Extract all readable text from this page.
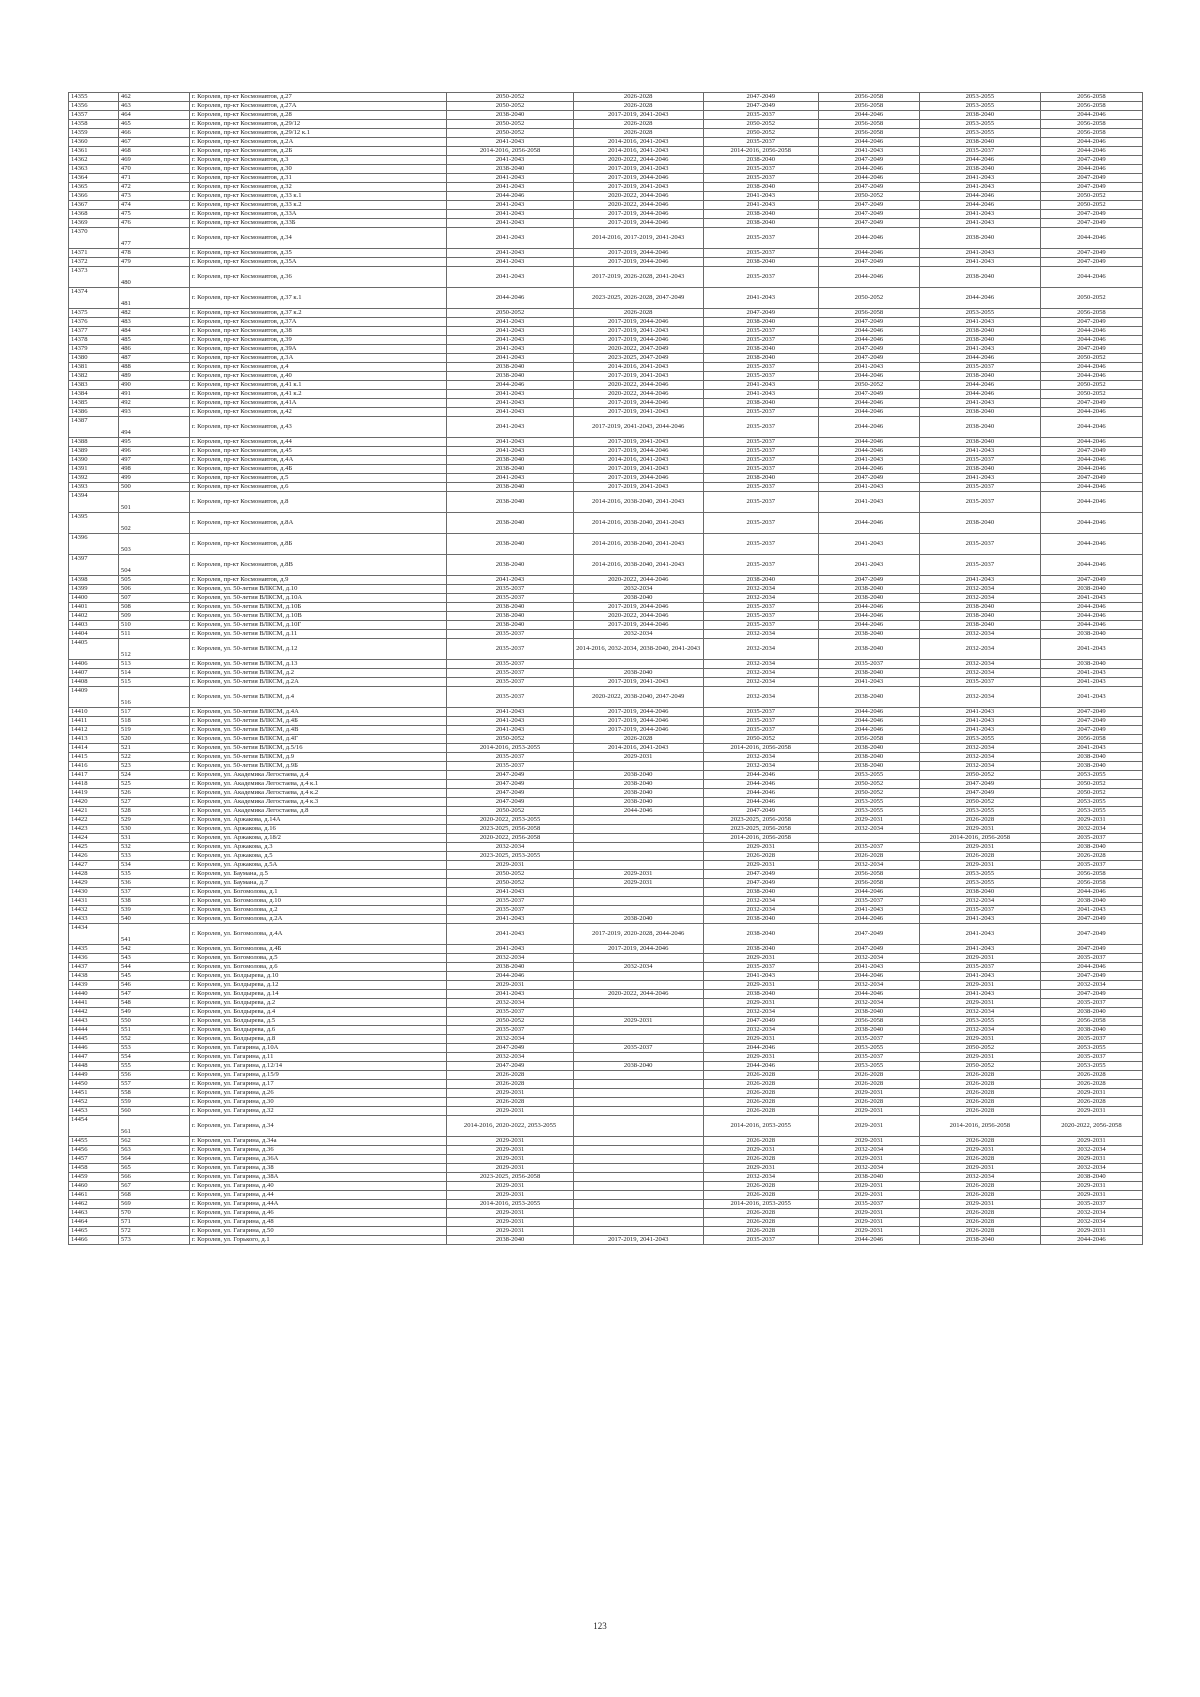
14355	462	г. Королев, пр-кт Космонавтов, д.27	2050-2052	2026-2028	2047-2049	2056-2058	2053-2055	2056-2058
14356	463	г. Королев, пр-кт Космонавтов, д.27А	2050-2052	2026-2028	2047-2049	2056-2058	2053-2055	2056-2058
14357	464	г. Королев, пр-кт Космонавтов, д.28	2038-2040	2017-2019, 2041-2043	2035-2037	2044-2046	2038-2040	2044-2046
14358	465	г. Королев, пр-кт Космонавтов, д.29/12	2050-2052	2026-2028	2050-2052	2056-2058	2053-2055	2056-2058
14359	466	г. Королев, пр-кт Космонавтов, д.29/12 к.1	2050-2052	2026-2028	2050-2052	2056-2058	2053-2055	2056-2058
14360	467	г. Королев, пр-кт Космонавтов, д.2А	2041-2043	2014-2016, 2041-2043	2035-2037	2044-2046	2038-2040	2044-2046
14361	468	г. Королев, пр-кт Космонавтов, д.2Б	2014-2016, 2056-2058	2014-2016, 2041-2043	2014-2016, 2056-2058	2041-2043	2035-2037	2044-2046
14362	469	г. Королев, пр-кт Космонавтов, д.3	2041-2043	2020-2022, 2044-2046	2038-2040	2047-2049	2044-2046	2047-2049
14363	470	г. Королев, пр-кт Космонавтов, д.30	2038-2040	2017-2019, 2041-2043	2035-2037	2044-2046	2038-2040	2044-2046
14364	471	г. Королев, пр-кт Космонавтов, д.31	2041-2043	2017-2019, 2044-2046	2035-2037	2044-2046	2041-2043	2047-2049
14365	472	г. Королев, пр-кт Космонавтов, д.32	2041-2043	2017-2019, 2041-2043	2038-2040	2047-2049	2041-2043	2047-2049
14366	473	г. Королев, пр-кт Космонавтов, д.33 к.1	2044-2046	2020-2022, 2044-2046	2041-2043	2050-2052	2044-2046	2050-2052
14367	474	г. Королев, пр-кт Космонавтов, д.33 к.2	2041-2043	2020-2022, 2044-2046	2041-2043	2047-2049	2044-2046	2050-2052
14368	475	г. Королев, пр-кт Космонавтов, д.33А	2041-2043	2017-2019, 2044-2046	2038-2040	2047-2049	2041-2043	2047-2049
14369	476	г. Королев, пр-кт Космонавтов, д.33Б	2041-2043	2017-2019, 2044-2046	2038-2040	2047-2049	2041-2043	2047-2049
14370	477	г. Королев, пр-кт Космонавтов, д.34	2041-2043	2014-2016, 2017-2019, 2041-2043	2035-2037	2044-2046	2038-2040	2044-2046
14371	478	г. Королев, пр-кт Космонавтов, д.35	2041-2043	2017-2019, 2044-2046	2035-2037	2044-2046	2041-2043	2047-2049
14372	479	г. Королев, пр-кт Космонавтов, д.35А	2041-2043	2017-2019, 2044-2046	2038-2040	2047-2049	2041-2043	2047-2049
14373	480	г. Королев, пр-кт Космонавтов, д.36	2041-2043	2017-2019, 2026-2028, 2041-2043	2035-2037	2044-2046	2038-2040	2044-2046
14374	481	г. Королев, пр-кт Космонавтов, д.37 к.1	2044-2046	2023-2025, 2026-2028, 2047-2049	2041-2043	2050-2052	2044-2046	2050-2052
14375	482	г. Королев, пр-кт Космонавтов, д.37 к.2	2050-2052	2026-2028	2047-2049	2056-2058	2053-2055	2056-2058
14376	483	г. Королев, пр-кт Космонавтов, д.37А	2041-2043	2017-2019, 2044-2046	2038-2040	2047-2049	2041-2043	2047-2049
14377	484	г. Королев, пр-кт Космонавтов, д.38	2041-2043	2017-2019, 2041-2043	2035-2037	2044-2046	2038-2040	2044-2046
14378	485	г. Королев, пр-кт Космонавтов, д.39	2041-2043	2017-2019, 2044-2046	2035-2037	2044-2046	2038-2040	2044-2046
14379	486	г. Королев, пр-кт Космонавтов, д.39А	2041-2043	2020-2022, 2047-2049	2038-2040	2047-2049	2041-2043	2047-2049
14380	487	г. Королев, пр-кт Космонавтов, д.3А	2041-2043	2023-2025, 2047-2049	2038-2040	2047-2049	2044-2046	2050-2052
14381	488	г. Королев, пр-кт Космонавтов, д.4	2038-2040	2014-2016, 2041-2043	2035-2037	2041-2043	2035-2037	2044-2046
14382	489	г. Королев, пр-кт Космонавтов, д.40	2038-2040	2017-2019, 2041-2043	2035-2037	2044-2046	2038-2040	2044-2046
14383	490	г. Королев, пр-кт Космонавтов, д.41 к.1	2044-2046	2020-2022, 2044-2046	2041-2043	2050-2052	2044-2046	2050-2052
14384	491	г. Королев, пр-кт Космонавтов, д.41 к.2	2041-2043	2020-2022, 2044-2046	2041-2043	2047-2049	2044-2046	2050-2052
14385	492	г. Королев, пр-кт Космонавтов, д.41А	2041-2043	2017-2019, 2044-2046	2038-2040	2044-2046	2041-2043	2047-2049
14386	493	г. Королев, пр-кт Космонавтов, д.42	2041-2043	2017-2019, 2041-2043	2035-2037	2044-2046	2038-2040	2044-2046
14387	494	г. Королев, пр-кт Космонавтов, д.43	2041-2043	2017-2019, 2041-2043, 2044-2046	2035-2037	2044-2046	2038-2040	2044-2046
14388	495	г. Королев, пр-кт Космонавтов, д.44	2041-2043	2017-2019, 2041-2043	2035-2037	2044-2046	2038-2040	2044-2046
14389	496	г. Королев, пр-кт Космонавтов, д.45	2041-2043	2017-2019, 2044-2046	2035-2037	2044-2046	2041-2043	2047-2049
14390	497	г. Королев, пр-кт Космонавтов, д.4А	2038-2040	2014-2016, 2041-2043	2035-2037	2041-2043	2035-2037	2044-2046
14391	498	г. Королев, пр-кт Космонавтов, д.4Б	2038-2040	2017-2019, 2041-2043	2035-2037	2044-2046	2038-2040	2044-2046
14392	499	г. Королев, пр-кт Космонавтов, д.5	2041-2043	2017-2019, 2044-2046	2038-2040	2047-2049	2041-2043	2047-2049
14393	500	г. Королев, пр-кт Космонавтов, д.6	2038-2040	2017-2019, 2041-2043	2035-2037	2041-2043	2035-2037	2044-2046
14394	501	г. Королев, пр-кт Космонавтов, д.8	2038-2040	2014-2016, 2038-2040, 2041-2043	2035-2037	2041-2043	2035-2037	2044-2046
14395	502	г. Королев, пр-кт Космонавтов, д.8А	2038-2040	2014-2016, 2038-2040, 2041-2043	2035-2037	2044-2046	2038-2040	2044-2046
14396	503	г. Королев, пр-кт Космонавтов, д.8Б	2038-2040	2014-2016, 2038-2040, 2041-2043	2035-2037	2041-2043	2035-2037	2044-2046
14397	504	г. Королев, пр-кт Космонавтов, д.8В	2038-2040	2014-2016, 2038-2040, 2041-2043	2035-2037	2041-2043	2035-2037	2044-2046
14398	505	г. Королев, пр-кт Космонавтов, д.9	2041-2043	2020-2022, 2044-2046	2038-2040	2047-2049	2041-2043	2047-2049
14399	506	г. Королев, ул. 50-летия ВЛКСМ, д.10	2035-2037	2032-2034	2032-2034	2038-2040	2032-2034	2038-2040
14400	507	г. Королев, ул. 50-летия ВЛКСМ, д.10А	2035-2037	2038-2040	2032-2034	2038-2040	2032-2034	2041-2043
14401	508	г. Королев, ул. 50-летия ВЛКСМ, д.10Б	2038-2040	2017-2019, 2044-2046	2035-2037	2044-2046	2038-2040	2044-2046
14402	509	г. Королев, ул. 50-летия ВЛКСМ, д.10В	2038-2040	2020-2022, 2044-2046	2035-2037	2044-2046	2038-2040	2044-2046
14403	510	г. Королев, ул. 50-летия ВЛКСМ, д.10Г	2038-2040	2017-2019, 2044-2046	2035-2037	2044-2046	2038-2040	2044-2046
14404	511	г. Королев, ул. 50-летия ВЛКСМ, д.11	2035-2037	2032-2034	2032-2034	2038-2040	2032-2034	2038-2040
14405	512	г. Королев, ул. 50-летия ВЛКСМ, д.12	2035-2037	2014-2016, 2032-2034, 2038-2040, 2041-2043	2032-2034	2038-2040	2032-2034	2041-2043
14406	513	г. Королев, ул. 50-летия ВЛКСМ, д.13	2035-2037		2032-2034	2035-2037	2032-2034	2038-2040
14407	514	г. Королев, ул. 50-летия ВЛКСМ, д.2	2035-2037	2038-2040	2032-2034	2038-2040	2032-2034	2041-2043
14408	515	г. Королев, ул. 50-летия ВЛКСМ, д.2А	2035-2037	2017-2019, 2041-2043	2032-2034	2041-2043	2035-2037	2041-2043
14409	516	г. Королев, ул. 50-летия ВЛКСМ, д.4	2035-2037	2020-2022, 2038-2040, 2047-2049	2032-2034	2038-2040	2032-2034	2041-2043
14410	517	г. Королев, ул. 50-летия ВЛКСМ, д.4А	2041-2043	2017-2019, 2044-2046	2035-2037	2044-2046	2041-2043	2047-2049
14411	518	г. Королев, ул. 50-летия ВЛКСМ, д.4Б	2041-2043	2017-2019, 2044-2046	2035-2037	2044-2046	2041-2043	2047-2049
14412	519	г. Королев, ул. 50-летия ВЛКСМ, д.4В	2041-2043	2017-2019, 2044-2046	2035-2037	2044-2046	2041-2043	2047-2049
14413	520	г. Королев, ул. 50-летия ВЛКСМ, д.4Г	2050-2052	2026-2028	2050-2052	2056-2058	2053-2055	2056-2058
14414	521	г. Королев, ул. 50-летия ВЛКСМ, д.5/16	2014-2016, 2053-2055	2014-2016, 2041-2043	2014-2016, 2056-2058	2038-2040	2032-2034	2041-2043
14415	522	г. Королев, ул. 50-летия ВЛКСМ, д.9	2035-2037	2029-2031	2032-2034	2038-2040	2032-2034	2038-2040
14416	523	г. Королев, ул. 50-летия ВЛКСМ, д.9Б	2035-2037		2032-2034	2038-2040	2032-2034	2038-2040
14417	524	г. Королев, ул. Академика Легостаева, д.4	2047-2049	2038-2040	2044-2046	2053-2055	2050-2052	2053-2055
14418	525	г. Королев, ул. Академика Легостаева, д.4 к.1	2047-2049	2038-2040	2044-2046	2050-2052	2047-2049	2050-2052
14419	526	г. Королев, ул. Академика Легостаева, д.4 к.2	2047-2049	2038-2040	2044-2046	2050-2052	2047-2049	2050-2052
14420	527	г. Королев, ул. Академика Легостаева, д.4 к.3	2047-2049	2038-2040	2044-2046	2053-2055	2050-2052	2053-2055
14421	528	г. Королев, ул. Академика Легостаева, д.8	2050-2052	2044-2046	2047-2049	2053-2055	2053-2055	2053-2055
14422	529	г. Королев, ул. Аржакова, д.14А	2020-2022, 2053-2055		2023-2025, 2056-2058	2029-2031	2026-2028	2029-2031
14423	530	г. Королев, ул. Аржакова, д.16	2023-2025, 2056-2058		2023-2025, 2056-2058	2032-2034	2029-2031	2032-2034
14424	531	г. Королев, ул. Аржакова, д.18/2	2020-2022, 2056-2058		2014-2016, 2056-2058		2014-2016, 2056-2058	2035-2037
14425	532	г. Королев, ул. Аржакова, д.3	2032-2034		2029-2031	2035-2037	2029-2031	2038-2040
14426	533	г. Королев, ул. Аржакова, д.5	2023-2025, 2053-2055		2026-2028	2026-2028	2026-2028	2026-2028
14427	534	г. Королев, ул. Аржакова, д.5А	2029-2031		2029-2031	2032-2034	2029-2031	2035-2037
14428	535	г. Королев, ул. Баумана, д.5	2050-2052	2029-2031	2047-2049	2056-2058	2053-2055	2056-2058
14429	536	г. Королев, ул. Баумана, д.7	2050-2052	2029-2031	2047-2049	2056-2058	2053-2055	2056-2058
14430	537	г. Королев, ул. Богомолова, д.1	2041-2043		2038-2040	2044-2046	2038-2040	2044-2046
14431	538	г. Королев, ул. Богомолова, д.10	2035-2037		2032-2034	2035-2037	2032-2034	2038-2040
14432	539	г. Королев, ул. Богомолова, д.2	2035-2037		2032-2034	2041-2043	2035-2037	2041-2043
14433	540	г. Королев, ул. Богомолова, д.2А	2041-2043	2038-2040	2038-2040	2044-2046	2041-2043	2047-2049
14434	541	г. Королев, ул. Богомолова, д.4А	2041-2043	2017-2019, 2020-2028, 2044-2046	2038-2040	2047-2049	2041-2043	2047-2049
14435	542	г. Королев, ул. Богомолова, д.4Б	2041-2043	2017-2019, 2044-2046	2038-2040	2047-2049	2041-2043	2047-2049
14436	543	г. Королев, ул. Богомолова, д.5	2032-2034		2029-2031	2032-2034	2029-2031	2035-2037
14437	544	г. Королев, ул. Богомолова, д.6	2038-2040	2032-2034	2035-2037	2041-2043	2035-2037	2044-2046
14438	545	г. Королев, ул. Болдырева, д.10	2044-2046		2041-2043	2044-2046	2041-2043	2047-2049
14439	546	г. Королев, ул. Болдырева, д.12	2029-2031		2029-2031	2032-2034	2029-2031	2032-2034
14440	547	г. Королев, ул. Болдырева, д.14	2041-2043	2020-2022, 2044-2046	2038-2040	2044-2046	2041-2043	2047-2049
14441	548	г. Королев, ул. Болдырева, д.2	2032-2034		2029-2031	2032-2034	2029-2031	2035-2037
14442	549	г. Королев, ул. Болдырева, д.4	2035-2037		2032-2034	2038-2040	2032-2034	2038-2040
14443	550	г. Королев, ул. Болдырева, д.5	2050-2052	2029-2031	2047-2049	2056-2058	2053-2055	2056-2058
14444	551	г. Королев, ул. Болдырева, д.6	2035-2037		2032-2034	2038-2040	2032-2034	2038-2040
14445	552	г. Королев, ул. Болдырева, д.8	2032-2034		2029-2031	2035-2037	2029-2031	2035-2037
14446	553	г. Королев, ул. Гагарина, д.10А	2047-2049	2035-2037	2044-2046	2053-2055	2050-2052	2053-2055
14447	554	г. Королев, ул. Гагарина, д.11	2032-2034		2029-2031	2035-2037	2029-2031	2035-2037
14448	555	г. Королев, ул. Гагарина, д.12/14	2047-2049	2038-2040	2044-2046	2053-2055	2050-2052	2053-2055
14449	556	г. Королев, ул. Гагарина, д.15/9	2026-2028		2026-2028	2026-2028	2026-2028	2026-2028
14450	557	г. Королев, ул. Гагарина, д.17	2026-2028		2026-2028	2026-2028	2026-2028	2026-2028
14451	558	г. Королев, ул. Гагарина, д.26	2029-2031		2026-2028	2029-2031	2026-2028	2029-2031
14452	559	г. Королев, ул. Гагарина, д.30	2026-2028		2026-2028	2026-2028	2026-2028	2026-2028
14453	560	г. Королев, ул. Гагарина, д.32	2029-2031		2026-2028	2029-2031	2026-2028	2029-2031
14454	561	г. Королев, ул. Гагарина, д.34	2014-2016, 2020-2022, 2053-2055		2014-2016, 2053-2055	2029-2031	2014-2016, 2056-2058	2020-2022, 2056-2058
14455	562	г. Королев, ул. Гагарина, д.34а	2029-2031		2026-2028	2029-2031	2026-2028	2029-2031
14456	563	г. Королев, ул. Гагарина, д.36	2029-2031		2029-2031	2032-2034	2029-2031	2032-2034
14457	564	г. Королев, ул. Гагарина, д.36А	2029-2031		2026-2028	2029-2031	2026-2028	2029-2031
14458	565	г. Королев, ул. Гагарина, д.38	2029-2031		2029-2031	2032-2034	2029-2031	2032-2034
14459	566	г. Королев, ул. Гагарина, д.38А	2023-2025, 2056-2058		2032-2034	2038-2040	2032-2034	2038-2040
14460	567	г. Королев, ул. Гагарина, д.40	2029-2031		2026-2028	2029-2031	2026-2028	2029-2031
14461	568	г. Королев, ул. Гагарина, д.44	2029-2031		2026-2028	2029-2031	2026-2028	2029-2031
14462	569	г. Королев, ул. Гагарина, д.44А	2014-2016, 2053-2055		2014-2016, 2053-2055	2035-2037	2029-2031	2035-2037
14463	570	г. Королев, ул. Гагарина, д.46	2029-2031		2026-2028	2029-2031	2026-2028	2032-2034
14464	571	г. Королев, ул. Гагарина, д.48	2029-2031		2026-2028	2029-2031	2026-2028	2032-2034
14465	572	г. Королев, ул. Гагарина, д.50	2029-2031		2026-2028	2029-2031	2026-2028	2029-2031
14466	573	г. Королев, ул. Горького, д.1	2038-2040	2017-2019, 2041-2043	2035-2037	2044-2046	2038-2040	2044-2046
123
